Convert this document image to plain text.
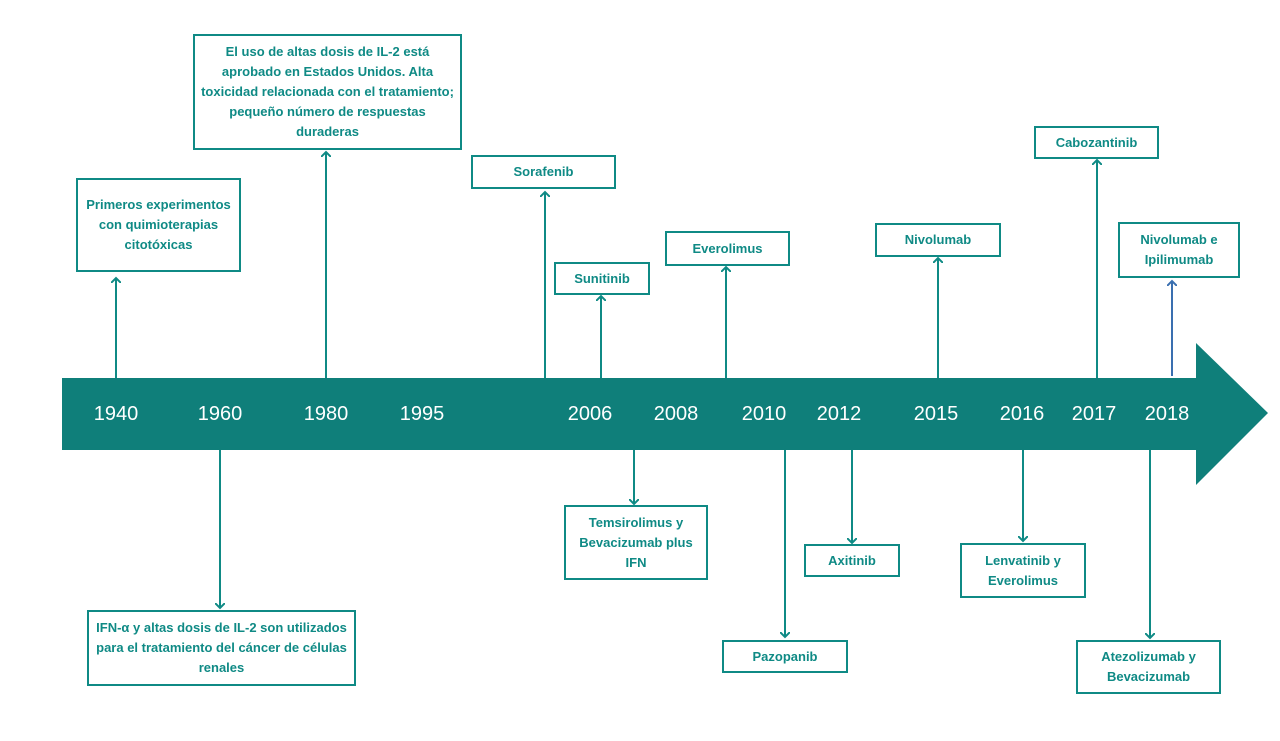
1940	1960	1980	1995	2006 2008 2010 2012	2015 2016 2017 2018
Primeros experimentos con quimioterapias citotóxicas
El uso de altas dosis de IL-2 está aprobado en Estados Unidos. Alta toxicidad relacionada con el tratamiento; pequeño número de respuestas duraderas
Sorafenib
Sunitinib
Everolimus
Nivolumab
Cabozantinib
Nivolumab e Ipilimumab
IFN-α y altas dosis de IL-2 son utilizados para el tratamiento del cáncer de células renales
Temsirolimus y Bevacizumab plus IFN
Pazopanib
Axitinib	Lenvatinib y Everolimus
Atezolizumab y Bevacizumab
